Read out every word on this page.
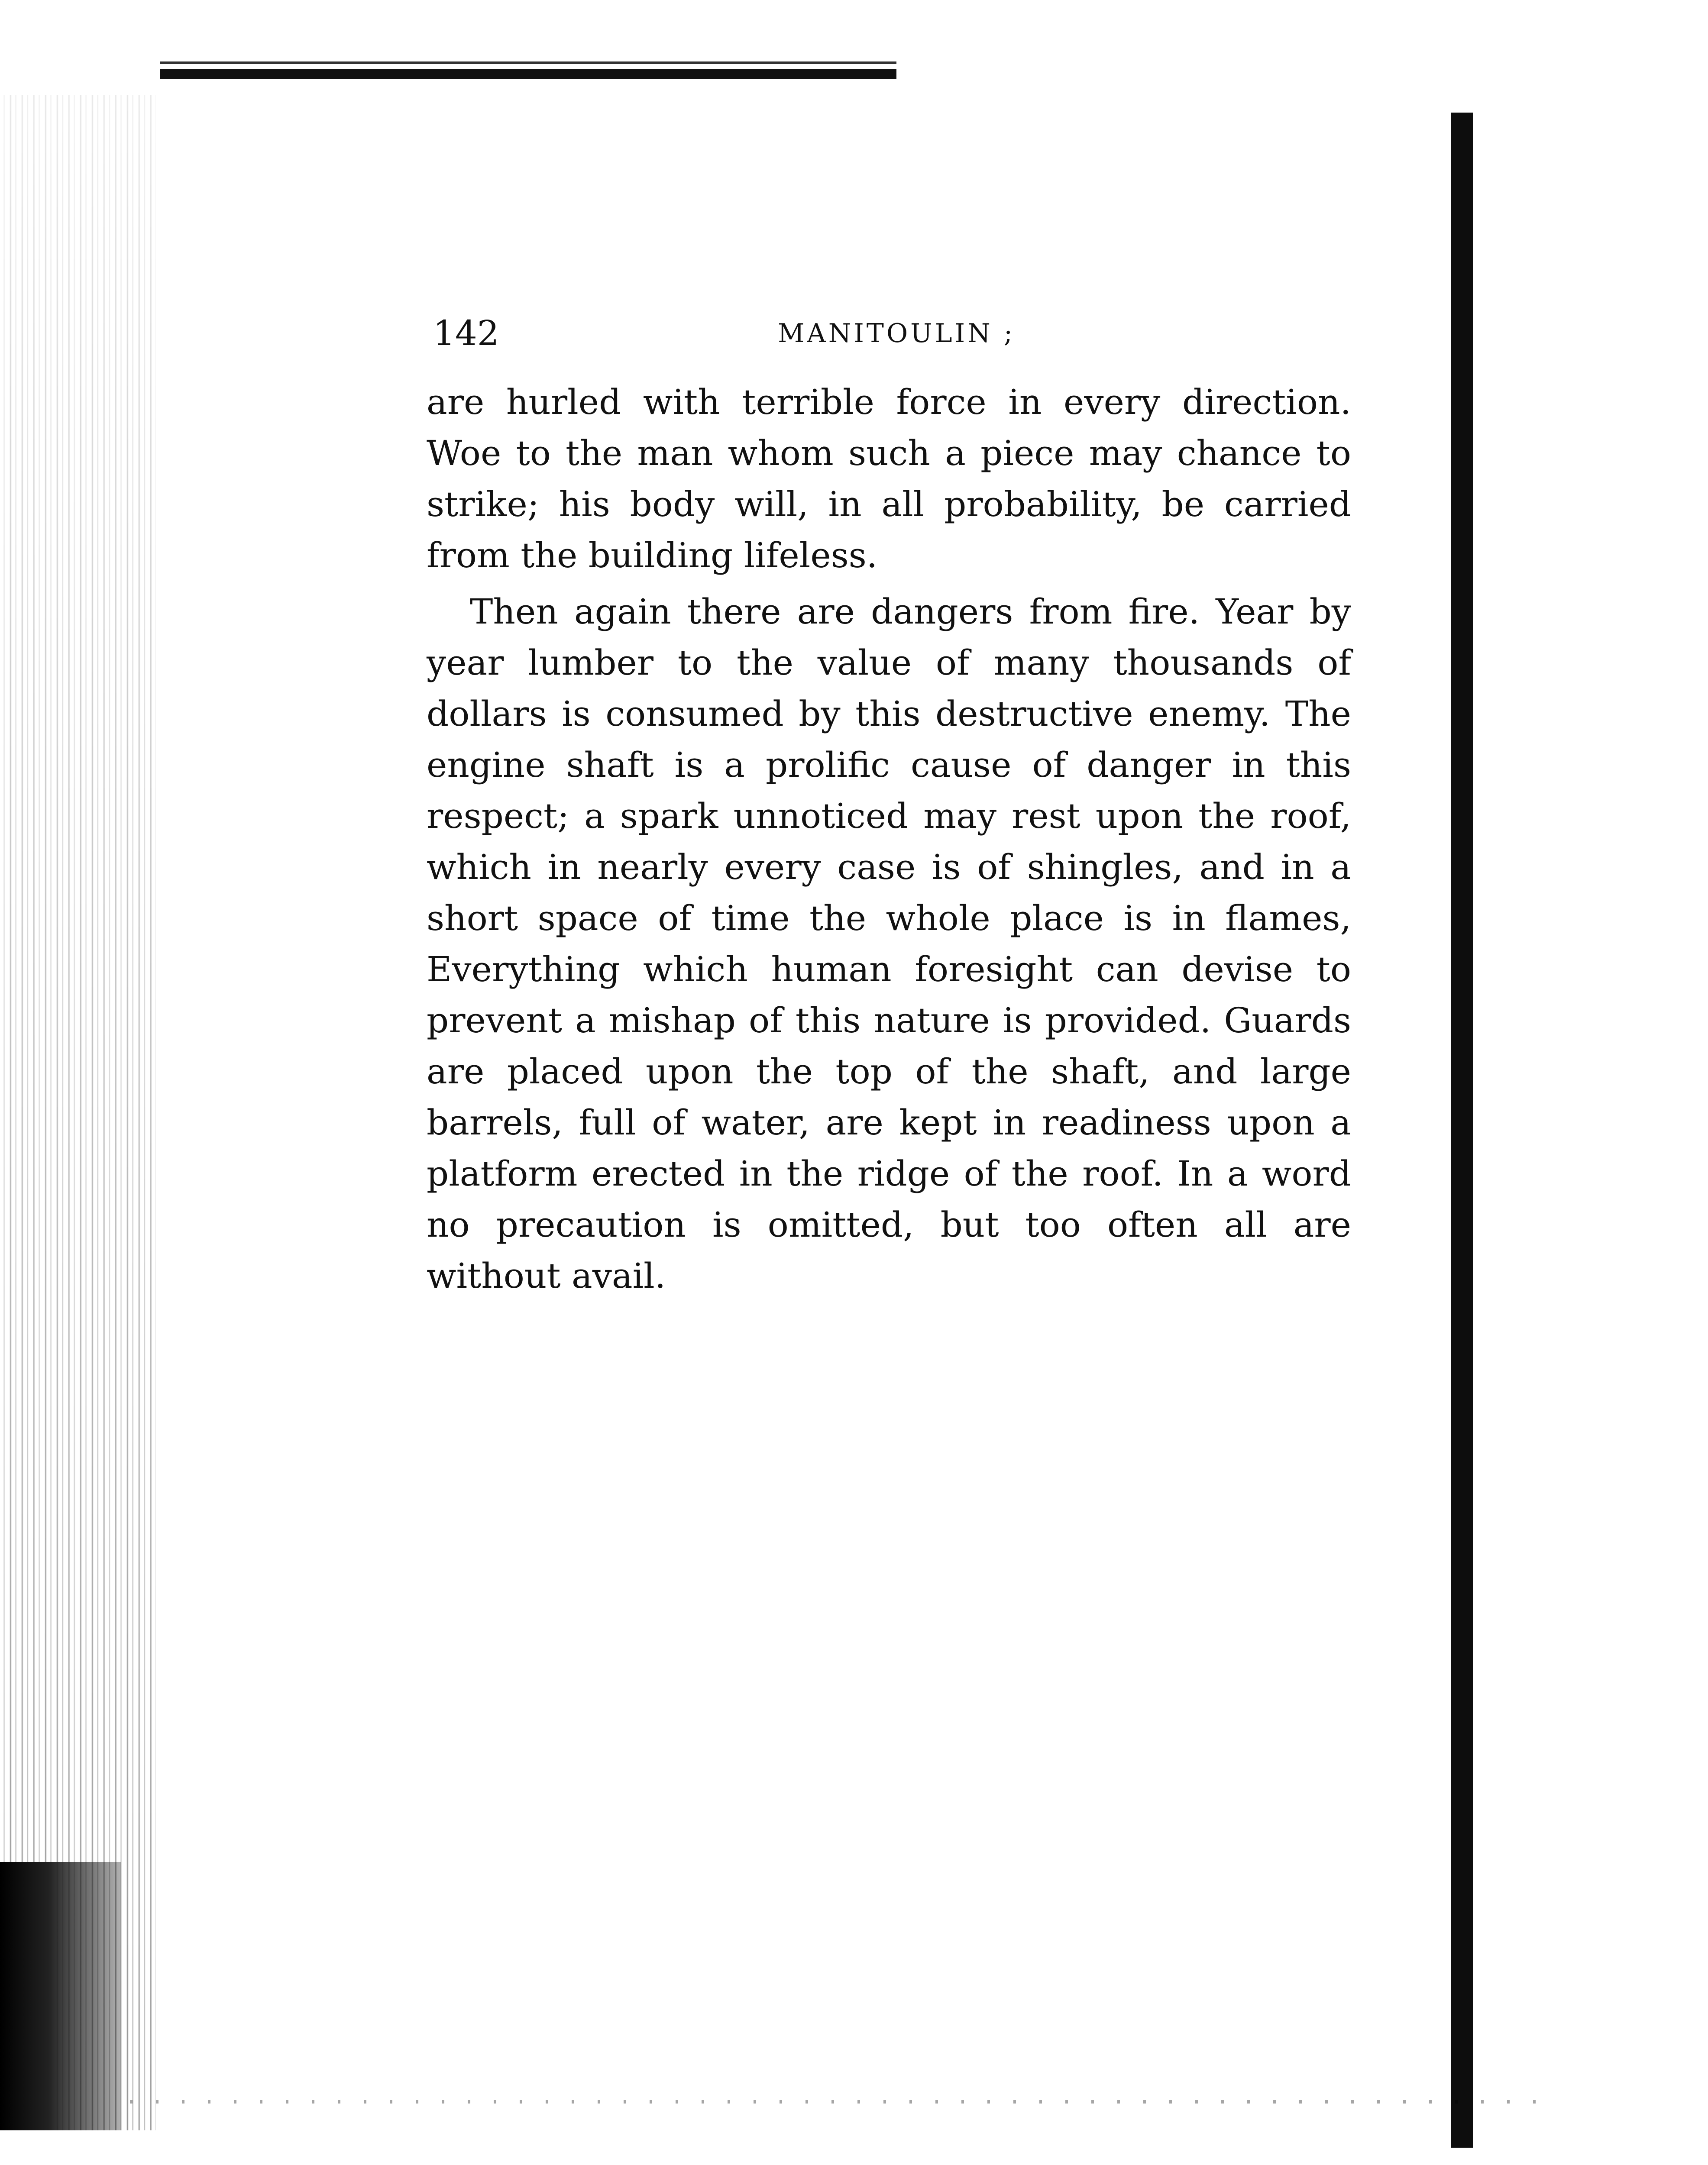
142	MANITOULIN ;

are hurled with terrible force in every direction. Woe to the man whom such a piece may chance to strike; his body will, in all probability, be carried from the building lifeless.

Then again there are dangers from fire. Year by year lumber to the value of many thousands of dollars is consumed by this destructive enemy. The engine shaft is a prolific cause of danger in this respect; a spark unnoticed may rest upon the roof, which in nearly every case is of shingles, and in a short space of time the whole place is in flames, Everything which human foresight can devise to prevent a mishap of this nature is provided. Guards are placed upon the top of the shaft, and large barrels, full of water, are kept in readiness upon a platform erected in the ridge of the roof. In a word no precaution is omitted, but too often all are without avail.
